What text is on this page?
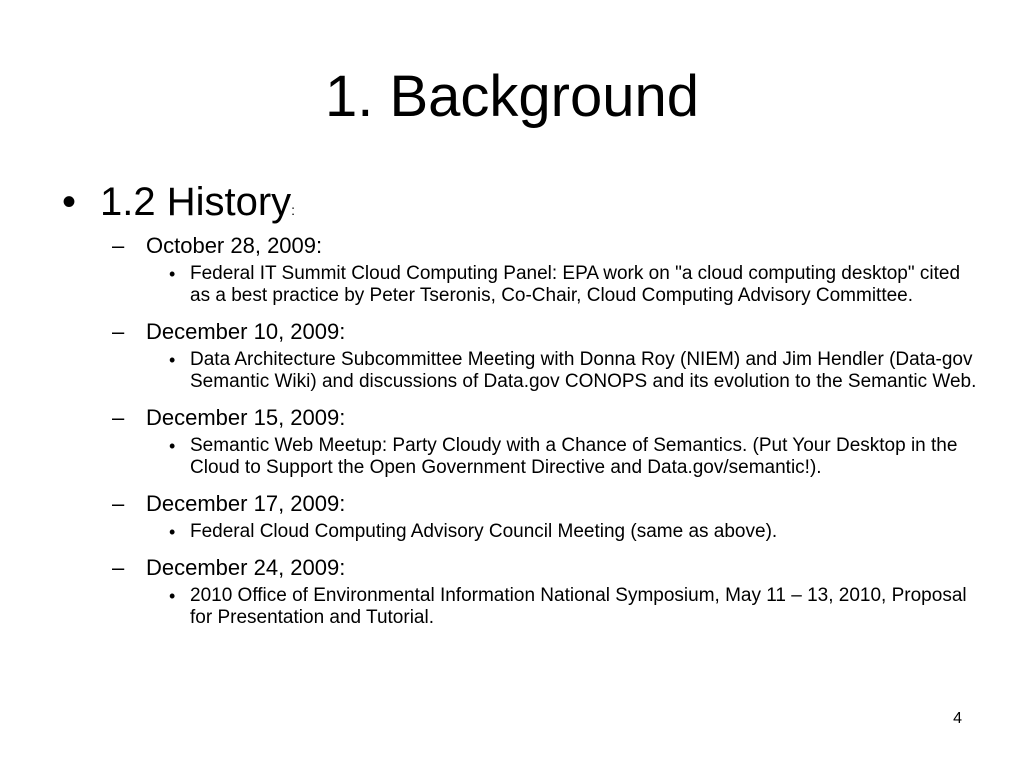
1. Background
• 1.2 History:
– October 28, 2009:
• Federal IT Summit Cloud Computing Panel: EPA work on "a cloud computing desktop" cited as a best practice by Peter Tseronis, Co-Chair, Cloud Computing Advisory Committee.
– December 10, 2009:
• Data Architecture Subcommittee Meeting with Donna Roy (NIEM) and Jim Hendler (Data-gov Semantic Wiki) and discussions of Data.gov CONOPS and its evolution to the Semantic Web.
– December 15, 2009:
• Semantic Web Meetup: Party Cloudy with a Chance of Semantics. (Put Your Desktop in the Cloud to Support the Open Government Directive and Data.gov/semantic!).
– December 17, 2009:
• Federal Cloud Computing Advisory Council Meeting (same as above).
– December 24, 2009:
• 2010 Office of Environmental Information National Symposium, May 11 – 13, 2010, Proposal for Presentation and Tutorial.
4
